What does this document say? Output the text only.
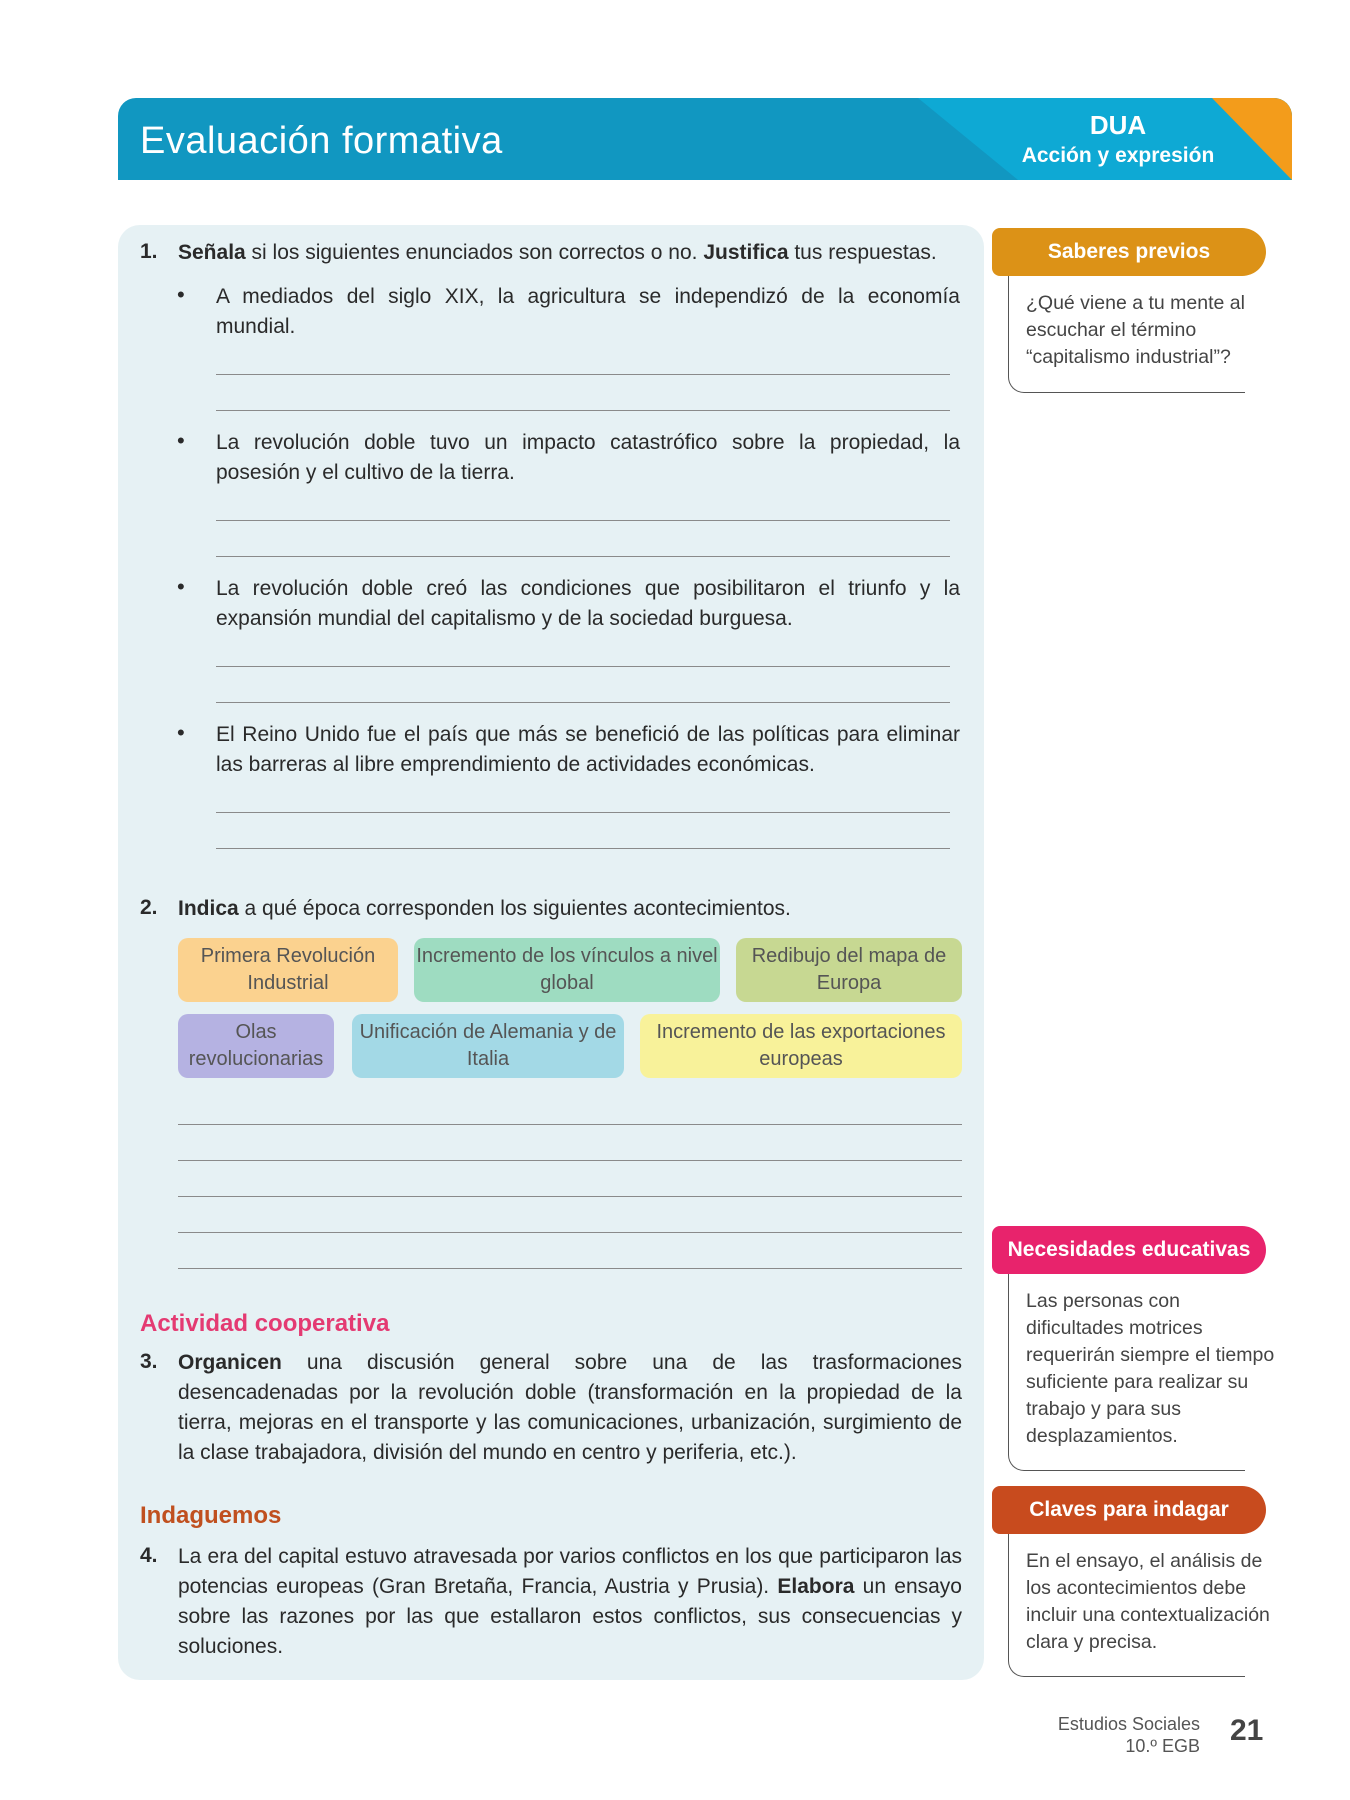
Evaluación formativa	DUA
Acción y expresión
1. Señala si los siguientes enunciados son correctos o no. Justifica tus respuestas.
• A mediados del siglo XIX, la agricultura se independizó de la economía mundial.
• La revolución doble tuvo un impacto catastrófico sobre la propiedad, la posesión y el cultivo de la tierra.
• La revolución doble creó las condiciones que posibilitaron el triunfo y la expansión mundial del capitalismo y de la sociedad burguesa.
• El Reino Unido fue el país que más se benefició de las políticas para eliminar las barreras al libre emprendimiento de actividades económicas.
2. Indica a qué época corresponden los siguientes acontecimientos.
Primera Revolución Industrial
Incremento de los vínculos a nivel global
Redibujo del mapa de Europa
Olas revolucionarias
Unificación de Alemania y de Italia
Incremento de las exportaciones europeas
Actividad cooperativa
3. Organicen una discusión general sobre una de las trasformaciones desencadenadas por la revolución doble (transformación en la propiedad de la tierra, mejoras en el transporte y las comunicaciones, urbanización, surgimiento de la clase trabajadora, división del mundo en centro y periferia, etc.).
Indaguemos
4. La era del capital estuvo atravesada por varios conflictos en los que participaron las potencias europeas (Gran Bretaña, Francia, Austria y Prusia). Elabora un ensayo sobre las razones por las que estallaron estos conflictos, sus consecuencias y soluciones.
Saberes previos
¿Qué viene a tu mente al escuchar el término “capitalismo industrial”?
Necesidades educativas
Las personas con dificultades motrices requerirán siempre el tiempo suficiente para realizar su trabajo y para sus desplazamientos.
Claves para indagar
En el ensayo, el análisis de los acontecimientos debe incluir una contextualización clara y precisa.
Estudios Sociales
10.º EGB 21
